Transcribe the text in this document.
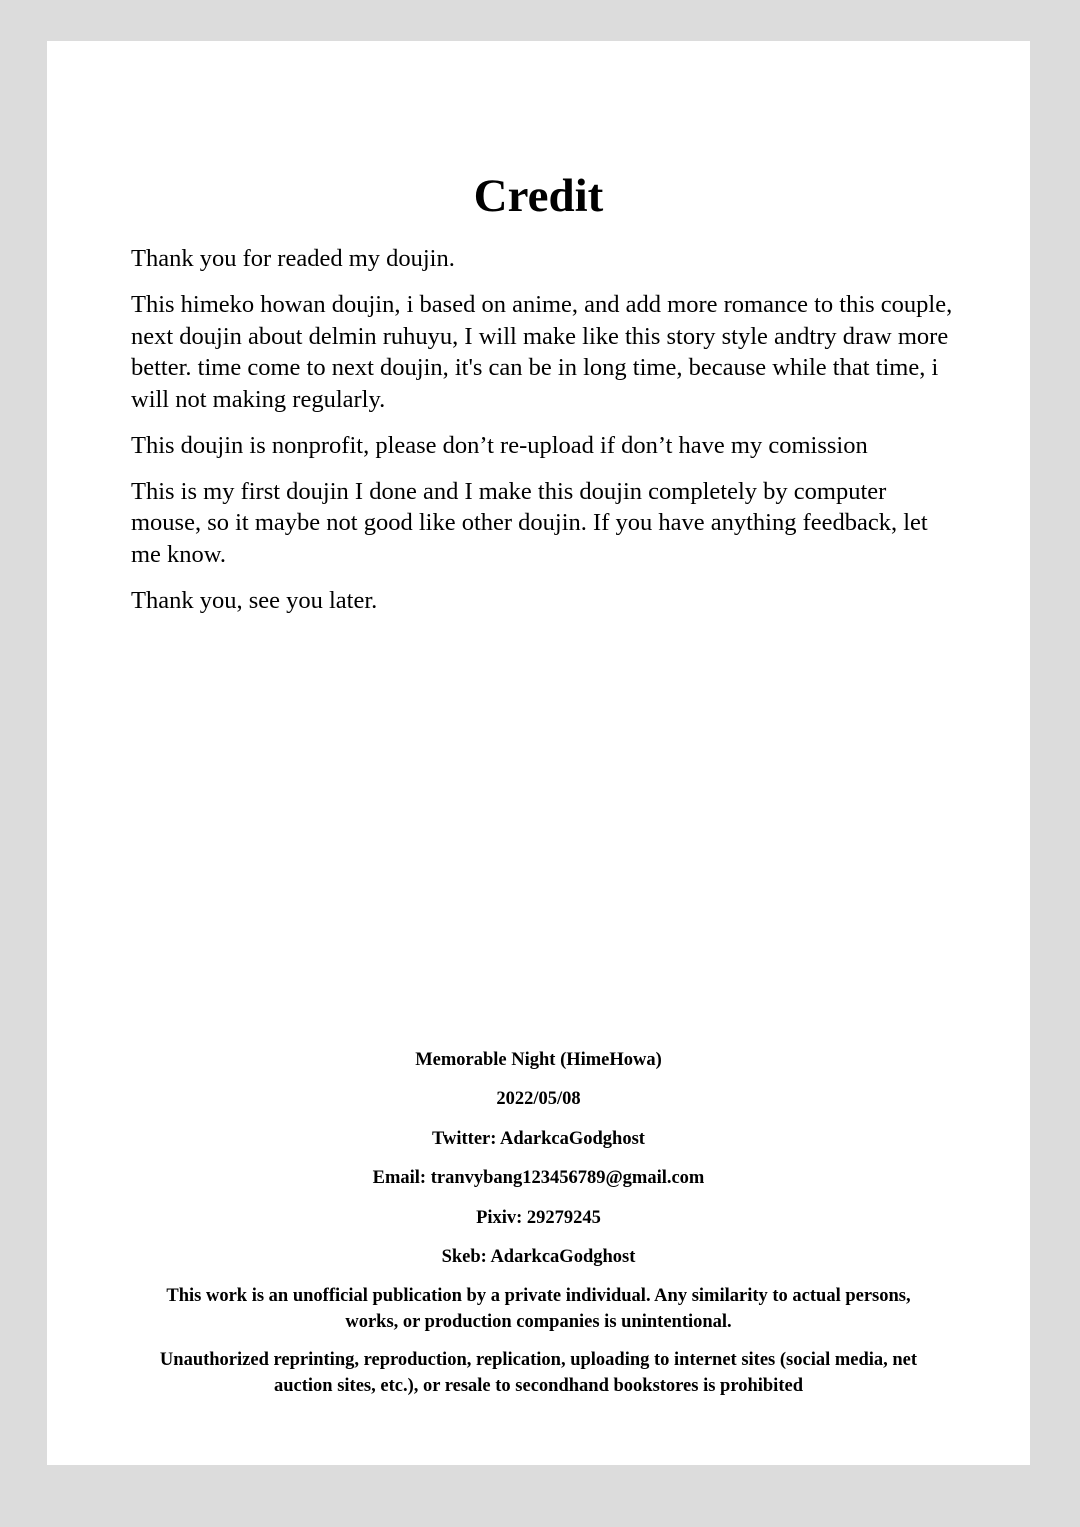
Credit

Thank you for readed my doujin.

This himeko howan doujin, i based on anime, and add more romance to this couple, next doujin about delmin ruhuyu, I will make like this story style andtry draw more better. time come to next doujin, it's can be in long time, because while that time, i will not making regularly.

This doujin is nonprofit, please don’t re-upload if don’t have my comission

This is my first doujin I done and I make this doujin completely by computer mouse, so it maybe not good like other doujin. If you have anything feedback, let me know.

Thank you, see you later.

Memorable Night (HimeHowa)
2022/05/08
Twitter: AdarkcaGodghost
Email: tranvybang123456789@gmail.com
Pixiv: 29279245
Skeb: AdarkcaGodghost
This work is an unofficial publication by a private individual. Any similarity to actual persons,
works, or production companies is unintentional.
Unauthorized reprinting, reproduction, replication, uploading to internet sites (social media, net
auction sites, etc.), or resale to secondhand bookstores is prohibited
